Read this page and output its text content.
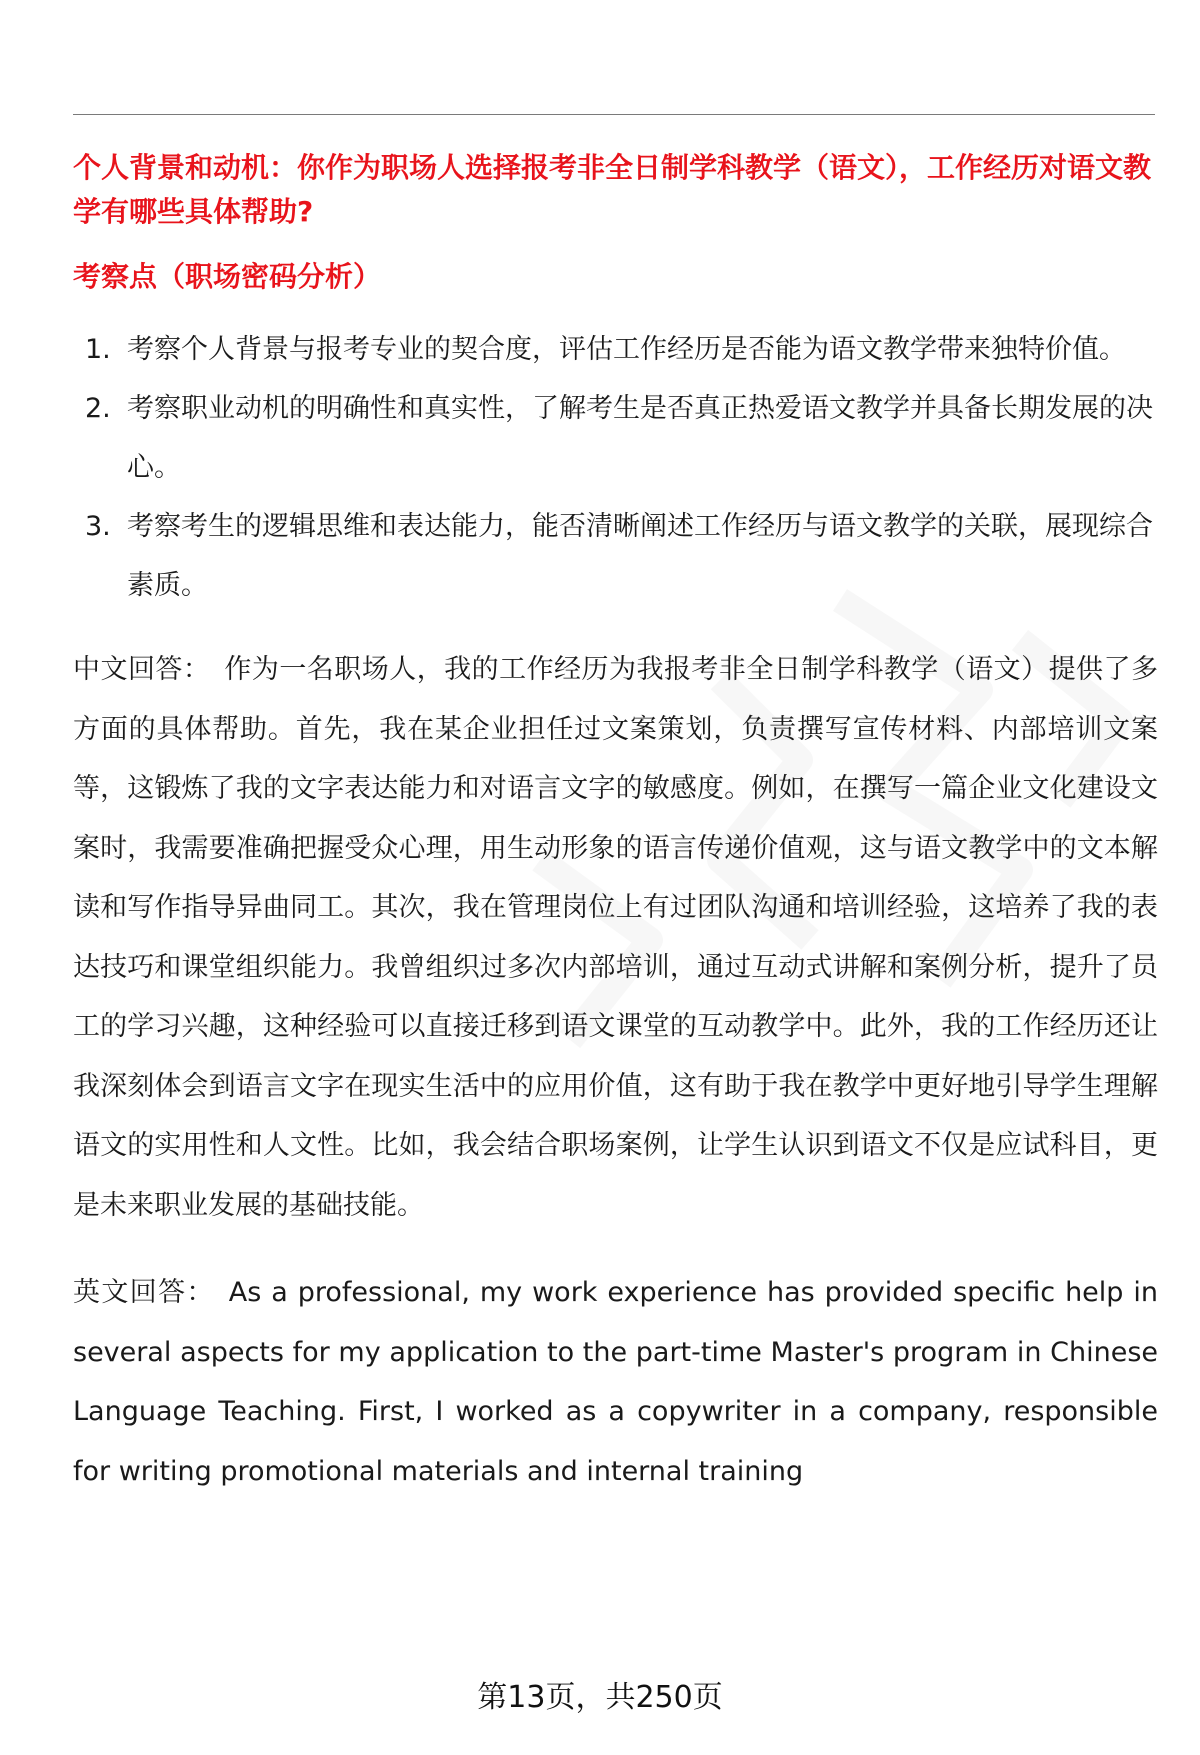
个人背景和动机：你作为职场人选择报考非全日制学科教学（语文），工作经历对语文教学有哪些具体帮助?
考察点（职场密码分析）
1. 考察个人背景与报考专业的契合度，评估工作经历是否能为语文教学带来独特价值。
2. 考察职业动机的明确性和真实性，了解考生是否真正热爱语文教学并具备长期发展的决心。
3. 考察考生的逻辑思维和表达能力，能否清晰阐述工作经历与语文教学的关联，展现综合素质。

中文回答： 作为一名职场人，我的工作经历为我报考非全日制学科教学（语文）提供了多方面的具体帮助。首先，我在某企业担任过文案策划，负责撰写宣传材料、内部培训文案等，这锻炼了我的文字表达能力和对语言文字的敏感度。例如，在撰写一篇企业文化建设文案时，我需要准确把握受众心理，用生动形象的语言传递价值观，这与语文教学中的文本解读和写作指导异曲同工。其次，我在管理岗位上有过团队沟通和培训经验，这培养了我的表达技巧和课堂组织能力。我曾组织过多次内部培训，通过互动式讲解和案例分析，提升了员工的学习兴趣，这种经验可以直接迁移到语文课堂的互动教学中。此外，我的工作经历还让我深刻体会到语言文字在现实生活中的应用价值，这有助于我在教学中更好地引导学生理解语文的实用性和人文性。比如，我会结合职场案例，让学生认识到语文不仅是应试科目，更是未来职业发展的基础技能。

英文回答： As a professional, my work experience has provided specific help in several aspects for my application to the part-time Master's program in Chinese Language Teaching. First, I worked as a copywriter in a company, responsible for writing promotional materials and internal training

第13页，共250页
